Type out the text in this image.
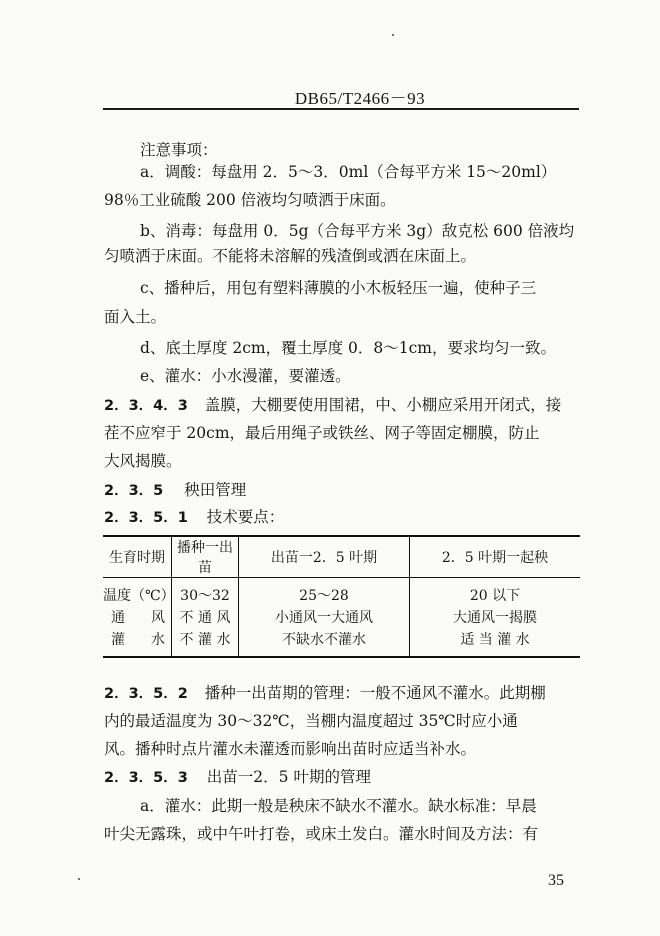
DB65/T2466－93
注意事项：
a．调酸：每盘用 2．5～3．0ml（合每平方米 15～20ml）
98％工业硫酸 200 倍液均匀喷洒于床面。
b、消毒：每盘用 0．5g（合每平方米 3g）敌克松 600 倍液均
匀喷洒于床面。不能将未溶解的残渣倒或洒在床面上。
c、播种后，用包有塑料薄膜的小木板轻压一遍，使种子三
面入土。
d、底土厚度 2cm，覆土厚度 0．8～1cm，要求均匀一致。
e、灌水：小水漫灌，要灌透。
2．3．4．3 盖膜，大棚要使用围裙，中、小棚应采用开闭式，接
茬不应窄于 20cm，最后用绳子或铁丝、网子等固定棚膜，防止
大风揭膜。
2．3．5 秧田管理
2．3．5．1 技术要点：
生育时期	播种一出苗	出苗一2．5 叶期	2．5 叶期一起秧
温度（℃）	30～32	25～28	20 以下

通 风	不 通 风	小通风一大通风	大通风一揭膜

灌 水	不 灌 水	不缺水不灌水	适 当 灌 水
2．3．5．2 播种一出苗期的管理：一般不通风不灌水。此期棚
内的最适温度为 30～32℃，当棚内温度超过 35℃时应小通
风。播种时点片灌水未灌透而影响出苗时应适当补水。
2．3．5．3 出苗一2．5 叶期的管理
a．灌水：此期一般是秧床不缺水不灌水。缺水标准：早晨
叶尖无露珠，或中午叶打卷，或床土发白。灌水时间及方法：有
35
